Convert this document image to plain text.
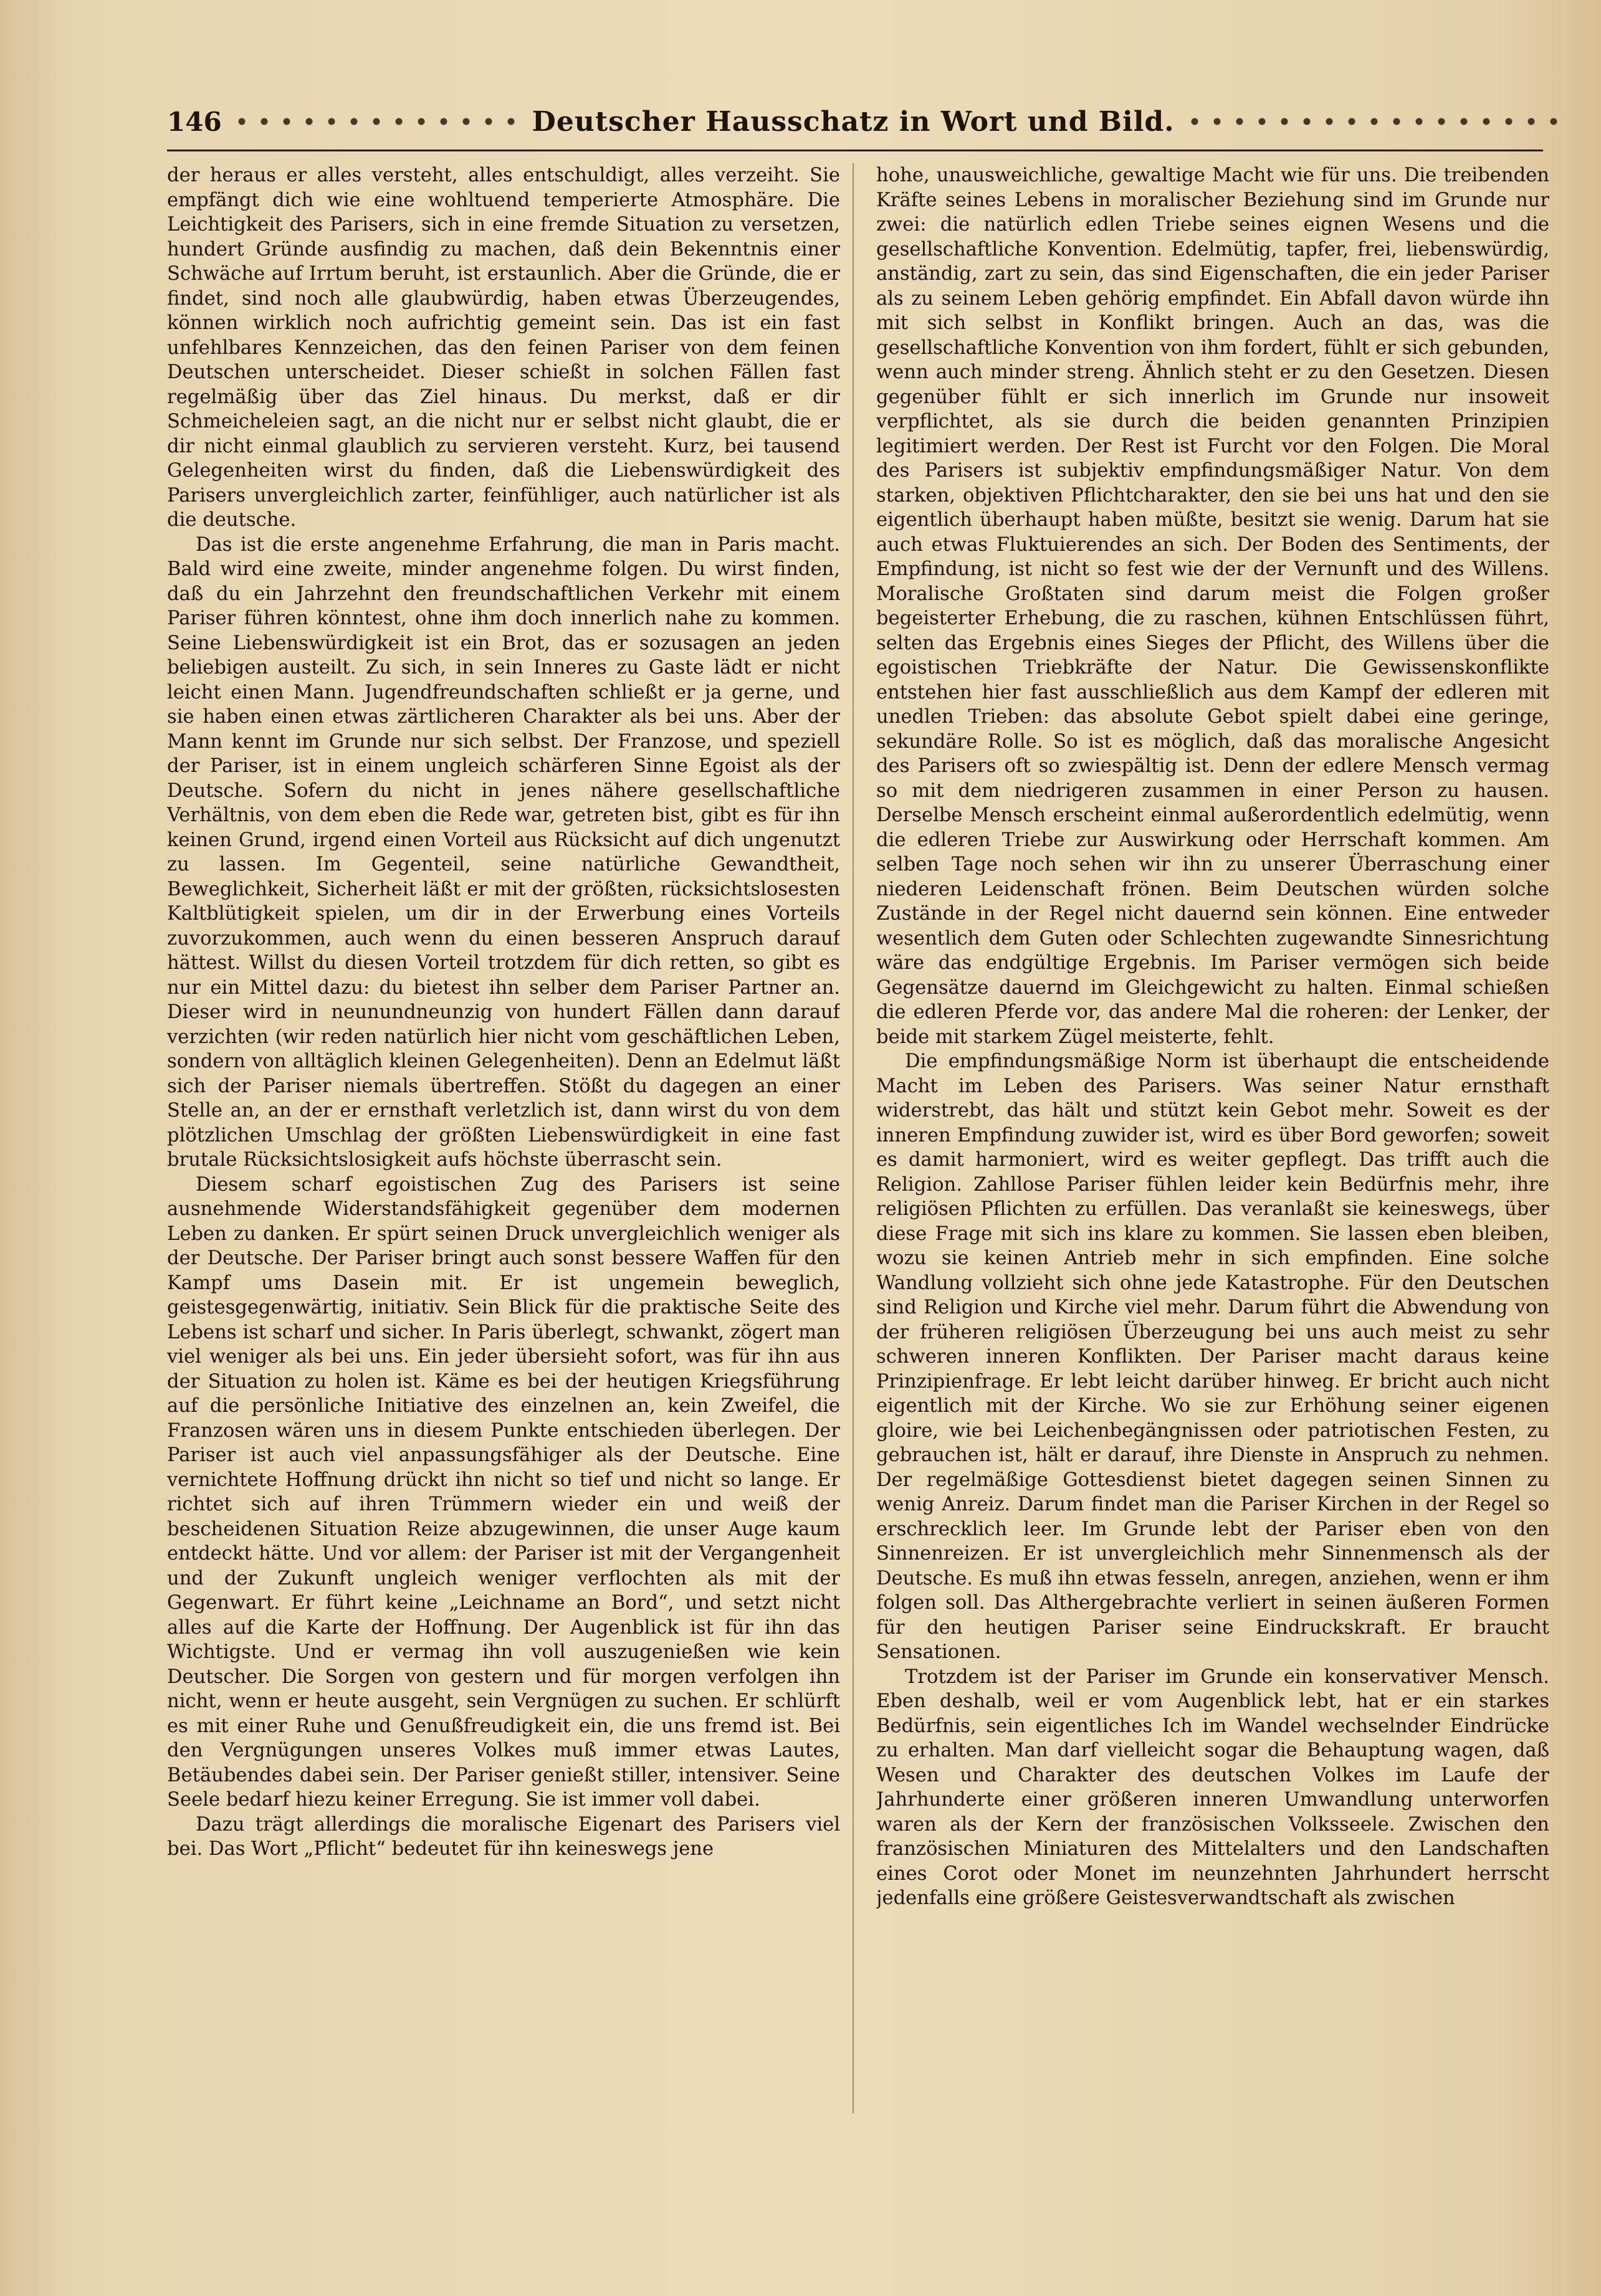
146	Deutscher Hausschatz in Wort und Bild.

der heraus er alles versteht, alles entschuldigt, alles verzeiht. Sie empfängt dich wie eine wohltuend temperierte Atmosphäre. Die Leichtigkeit des Parisers, sich in eine fremde Situation zu versetzen, hundert Gründe ausfindig zu machen, daß dein Bekenntnis einer Schwäche auf Irrtum beruht, ist erstaunlich. Aber die Gründe, die er findet, sind noch alle glaubwürdig, haben etwas Überzeugendes, können wirklich noch aufrichtig gemeint sein. Das ist ein fast unfehlbares Kennzeichen, das den feinen Pariser von dem feinen Deutschen unterscheidet. Dieser schießt in solchen Fällen fast regelmäßig über das Ziel hinaus. Du merkst, daß er dir Schmeicheleien sagt, an die nicht nur er selbst nicht glaubt, die er dir nicht einmal glaublich zu servieren versteht. Kurz, bei tausend Gelegenheiten wirst du finden, daß die Liebenswürdigkeit des Parisers unvergleichlich zarter, feinfühliger, auch natürlicher ist als die deutsche.

Das ist die erste angenehme Erfahrung, die man in Paris macht. Bald wird eine zweite, minder angenehme folgen. Du wirst finden, daß du ein Jahrzehnt den freundschaftlichen Verkehr mit einem Pariser führen könntest, ohne ihm doch innerlich nahe zu kommen. Seine Liebenswürdigkeit ist ein Brot, das er sozusagen an jeden beliebigen austeilt. Zu sich, in sein Inneres zu Gaste lädt er nicht leicht einen Mann. Jugendfreundschaften schließt er ja gerne, und sie haben einen etwas zärtlicheren Charakter als bei uns. Aber der Mann kennt im Grunde nur sich selbst. Der Franzose, und speziell der Pariser, ist in einem ungleich schärferen Sinne Egoist als der Deutsche. Sofern du nicht in jenes nähere gesellschaftliche Verhältnis, von dem eben die Rede war, getreten bist, gibt es für ihn keinen Grund, irgend einen Vorteil aus Rücksicht auf dich ungenutzt zu lassen. Im Gegenteil, seine natürliche Gewandtheit, Beweglichkeit, Sicherheit läßt er mit der größten, rücksichtslosesten Kaltblütigkeit spielen, um dir in der Erwerbung eines Vorteils zuvorzukommen, auch wenn du einen besseren Anspruch darauf hättest. Willst du diesen Vorteil trotzdem für dich retten, so gibt es nur ein Mittel dazu: du bietest ihn selber dem Pariser Partner an. Dieser wird in neunundneunzig von hundert Fällen dann darauf verzichten (wir reden natürlich hier nicht vom geschäftlichen Leben, sondern von alltäglich kleinen Gelegenheiten). Denn an Edelmut läßt sich der Pariser niemals übertreffen. Stößt du dagegen an einer Stelle an, an der er ernsthaft verletzlich ist, dann wirst du von dem plötzlichen Umschlag der größten Liebenswürdigkeit in eine fast brutale Rücksichtslosigkeit aufs höchste überrascht sein.

Diesem scharf egoistischen Zug des Parisers ist seine ausnehmende Widerstandsfähigkeit gegenüber dem modernen Leben zu danken. Er spürt seinen Druck unvergleichlich weniger als der Deutsche. Der Pariser bringt auch sonst bessere Waffen für den Kampf ums Dasein mit. Er ist ungemein beweglich, geistesgegenwärtig, initiativ. Sein Blick für die praktische Seite des Lebens ist scharf und sicher. In Paris überlegt, schwankt, zögert man viel weniger als bei uns. Ein jeder übersieht sofort, was für ihn aus der Situation zu holen ist. Käme es bei der heutigen Kriegsführung auf die persönliche Initiative des einzelnen an, kein Zweifel, die Franzosen wären uns in diesem Punkte entschieden überlegen. Der Pariser ist auch viel anpassungsfähiger als der Deutsche. Eine vernichtete Hoffnung drückt ihn nicht so tief und nicht so lange. Er richtet sich auf ihren Trümmern wieder ein und weiß der bescheidenen Situation Reize abzugewinnen, die unser Auge kaum entdeckt hätte. Und vor allem: der Pariser ist mit der Vergangenheit und der Zukunft ungleich weniger verflochten als mit der Gegenwart. Er führt keine „Leichname an Bord“, und setzt nicht alles auf die Karte der Hoffnung. Der Augenblick ist für ihn das Wichtigste. Und er vermag ihn voll auszugenießen wie kein Deutscher. Die Sorgen von gestern und für morgen verfolgen ihn nicht, wenn er heute ausgeht, sein Vergnügen zu suchen. Er schlürft es mit einer Ruhe und Genußfreudigkeit ein, die uns fremd ist. Bei den Vergnügungen unseres Volkes muß immer etwas Lautes, Betäubendes dabei sein. Der Pariser genießt stiller, intensiver. Seine Seele bedarf hiezu keiner Erregung. Sie ist immer voll dabei.

Dazu trägt allerdings die moralische Eigenart des Parisers viel bei. Das Wort „Pflicht“ bedeutet für ihn keineswegs jene

hohe, unausweichliche, gewaltige Macht wie für uns. Die treibenden Kräfte seines Lebens in moralischer Beziehung sind im Grunde nur zwei: die natürlich edlen Triebe seines eignen Wesens und die gesellschaftliche Konvention. Edelmütig, tapfer, frei, liebenswürdig, anständig, zart zu sein, das sind Eigenschaften, die ein jeder Pariser als zu seinem Leben gehörig empfindet. Ein Abfall davon würde ihn mit sich selbst in Konflikt bringen. Auch an das, was die gesellschaftliche Konvention von ihm fordert, fühlt er sich gebunden, wenn auch minder streng. Ähnlich steht er zu den Gesetzen. Diesen gegenüber fühlt er sich innerlich im Grunde nur insoweit verpflichtet, als sie durch die beiden genannten Prinzipien legitimiert werden. Der Rest ist Furcht vor den Folgen. Die Moral des Parisers ist subjektiv empfindungsmäßiger Natur. Von dem starken, objektiven Pflichtcharakter, den sie bei uns hat und den sie eigentlich überhaupt haben müßte, besitzt sie wenig. Darum hat sie auch etwas Fluktuierendes an sich. Der Boden des Sentiments, der Empfindung, ist nicht so fest wie der der Vernunft und des Willens. Moralische Großtaten sind darum meist die Folgen großer begeisterter Erhebung, die zu raschen, kühnen Entschlüssen führt, selten das Ergebnis eines Sieges der Pflicht, des Willens über die egoistischen Triebkräfte der Natur. Die Gewissenskonflikte entstehen hier fast ausschließlich aus dem Kampf der edleren mit unedlen Trieben: das absolute Gebot spielt dabei eine geringe, sekundäre Rolle. So ist es möglich, daß das moralische Angesicht des Parisers oft so zwiespältig ist. Denn der edlere Mensch vermag so mit dem niedrigeren zusammen in einer Person zu hausen. Derselbe Mensch erscheint einmal außerordentlich edelmütig, wenn die edleren Triebe zur Auswirkung oder Herrschaft kommen. Am selben Tage noch sehen wir ihn zu unserer Überraschung einer niederen Leidenschaft frönen. Beim Deutschen würden solche Zustände in der Regel nicht dauernd sein können. Eine entweder wesentlich dem Guten oder Schlechten zugewandte Sinnesrichtung wäre das endgültige Ergebnis. Im Pariser vermögen sich beide Gegensätze dauernd im Gleichgewicht zu halten. Einmal schießen die edleren Pferde vor, das andere Mal die roheren: der Lenker, der beide mit starkem Zügel meisterte, fehlt.

Die empfindungsmäßige Norm ist überhaupt die entscheidende Macht im Leben des Parisers. Was seiner Natur ernsthaft widerstrebt, das hält und stützt kein Gebot mehr. Soweit es der inneren Empfindung zuwider ist, wird es über Bord geworfen; soweit es damit harmoniert, wird es weiter gepflegt. Das trifft auch die Religion. Zahllose Pariser fühlen leider kein Bedürfnis mehr, ihre religiösen Pflichten zu erfüllen. Das veranlaßt sie keineswegs, über diese Frage mit sich ins klare zu kommen. Sie lassen eben bleiben, wozu sie keinen Antrieb mehr in sich empfinden. Eine solche Wandlung vollzieht sich ohne jede Katastrophe. Für den Deutschen sind Religion und Kirche viel mehr. Darum führt die Abwendung von der früheren religiösen Überzeugung bei uns auch meist zu sehr schweren inneren Konflikten. Der Pariser macht daraus keine Prinzipienfrage. Er lebt leicht darüber hinweg. Er bricht auch nicht eigentlich mit der Kirche. Wo sie zur Erhöhung seiner eigenen gloire, wie bei Leichenbegängnissen oder patriotischen Festen, zu gebrauchen ist, hält er darauf, ihre Dienste in Anspruch zu nehmen. Der regelmäßige Gottesdienst bietet dagegen seinen Sinnen zu wenig Anreiz. Darum findet man die Pariser Kirchen in der Regel so erschrecklich leer. Im Grunde lebt der Pariser eben von den Sinnenreizen. Er ist unvergleichlich mehr Sinnenmensch als der Deutsche. Es muß ihn etwas fesseln, anregen, anziehen, wenn er ihm folgen soll. Das Althergebrachte verliert in seinen äußeren Formen für den heutigen Pariser seine Eindruckskraft. Er braucht Sensationen.

Trotzdem ist der Pariser im Grunde ein konservativer Mensch. Eben deshalb, weil er vom Augenblick lebt, hat er ein starkes Bedürfnis, sein eigentliches Ich im Wandel wechselnder Eindrücke zu erhalten. Man darf vielleicht sogar die Behauptung wagen, daß Wesen und Charakter des deutschen Volkes im Laufe der Jahrhunderte einer größeren inneren Umwandlung unterworfen waren als der Kern der französischen Volksseele. Zwischen den französischen Miniaturen des Mittelalters und den Landschaften eines Corot oder Monet im neunzehnten Jahrhundert herrscht jedenfalls eine größere Geistesverwandtschaft als zwischen
